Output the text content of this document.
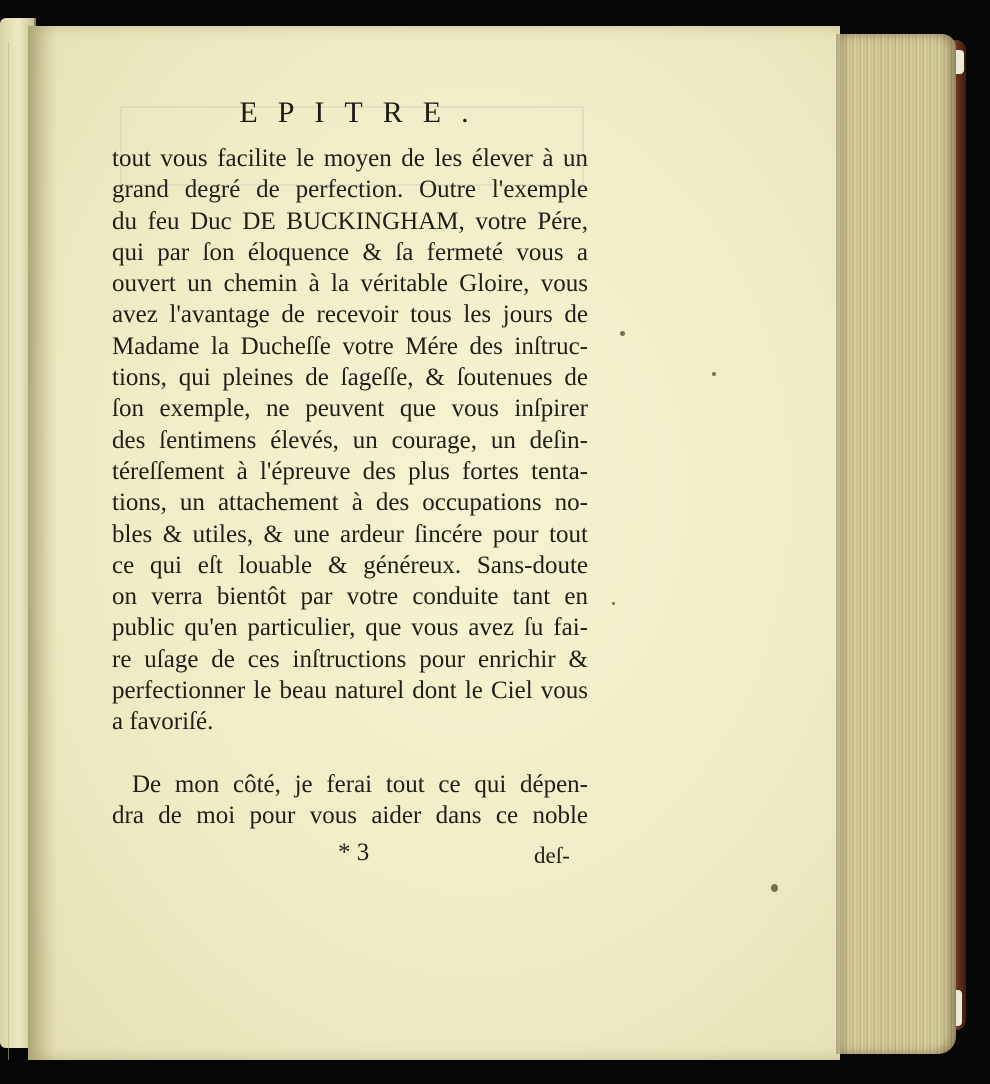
EPITRE.
tout vous facilite le moyen de les élever à un
grand degré de perfection. Outre l'exemple
du feu Duc DE BUCKINGHAM, votre Pére,
qui par ſon éloquence & ſa fermeté vous a
ouvert un chemin à la véritable Gloire, vous
avez l'avantage de recevoir tous les jours de
Madame la Ducheſſe votre Mére des inſtruc-
tions, qui pleines de ſageſſe, & ſoutenues de
ſon exemple, ne peuvent que vous inſpirer
des ſentimens élevés, un courage, un deſin-
téreſſement à l'épreuve des plus fortes tenta-
tions, un attachement à des occupations no-
bles & utiles, & une ardeur ſincére pour tout
ce qui eſt louable & généreux. Sans-doute
on verra bientôt par votre conduite tant en
public qu'en particulier, que vous avez ſu fai-
re uſage de ces inſtructions pour enrichir &
perfectionner le beau naturel dont le Ciel vous
a favoriſé.
De mon côté, je ferai tout ce qui dépen-
dra de moi pour vous aider dans ce noble
* 3	deſ-
